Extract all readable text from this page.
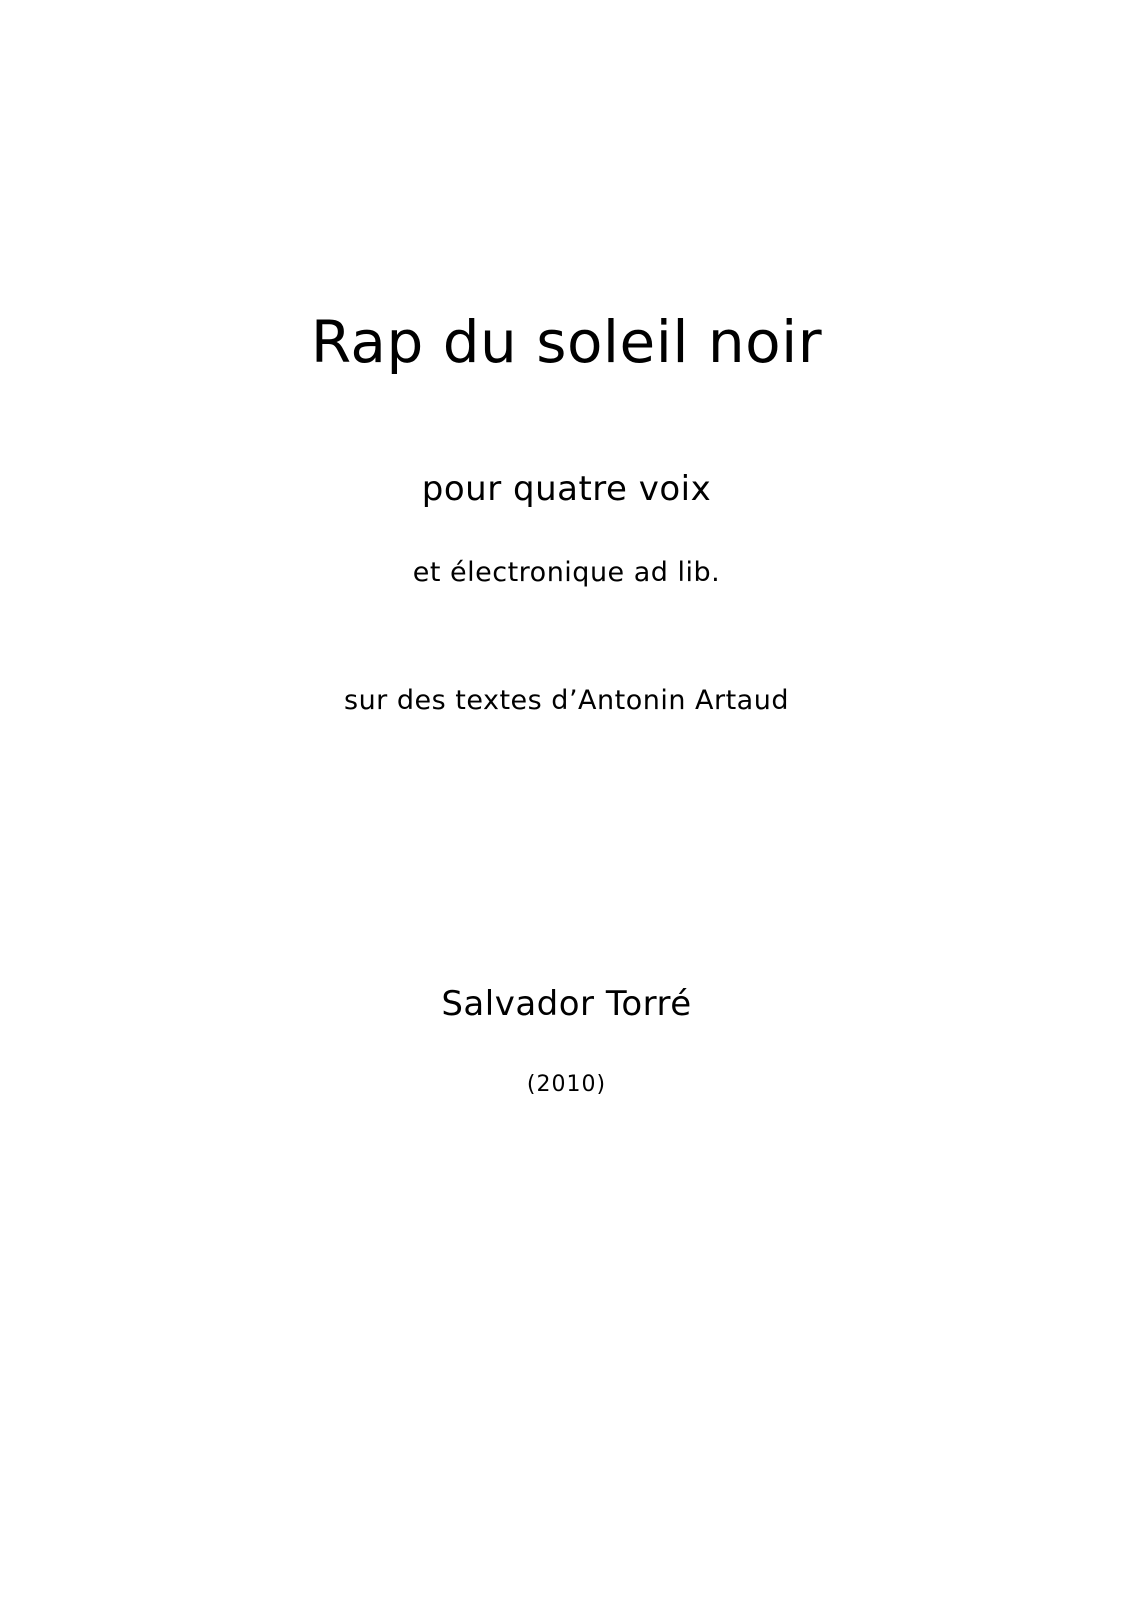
Rap du soleil noir
pour quatre voix
et électronique ad lib.
sur des textes d’Antonin Artaud
Salvador Torré
(2010)
